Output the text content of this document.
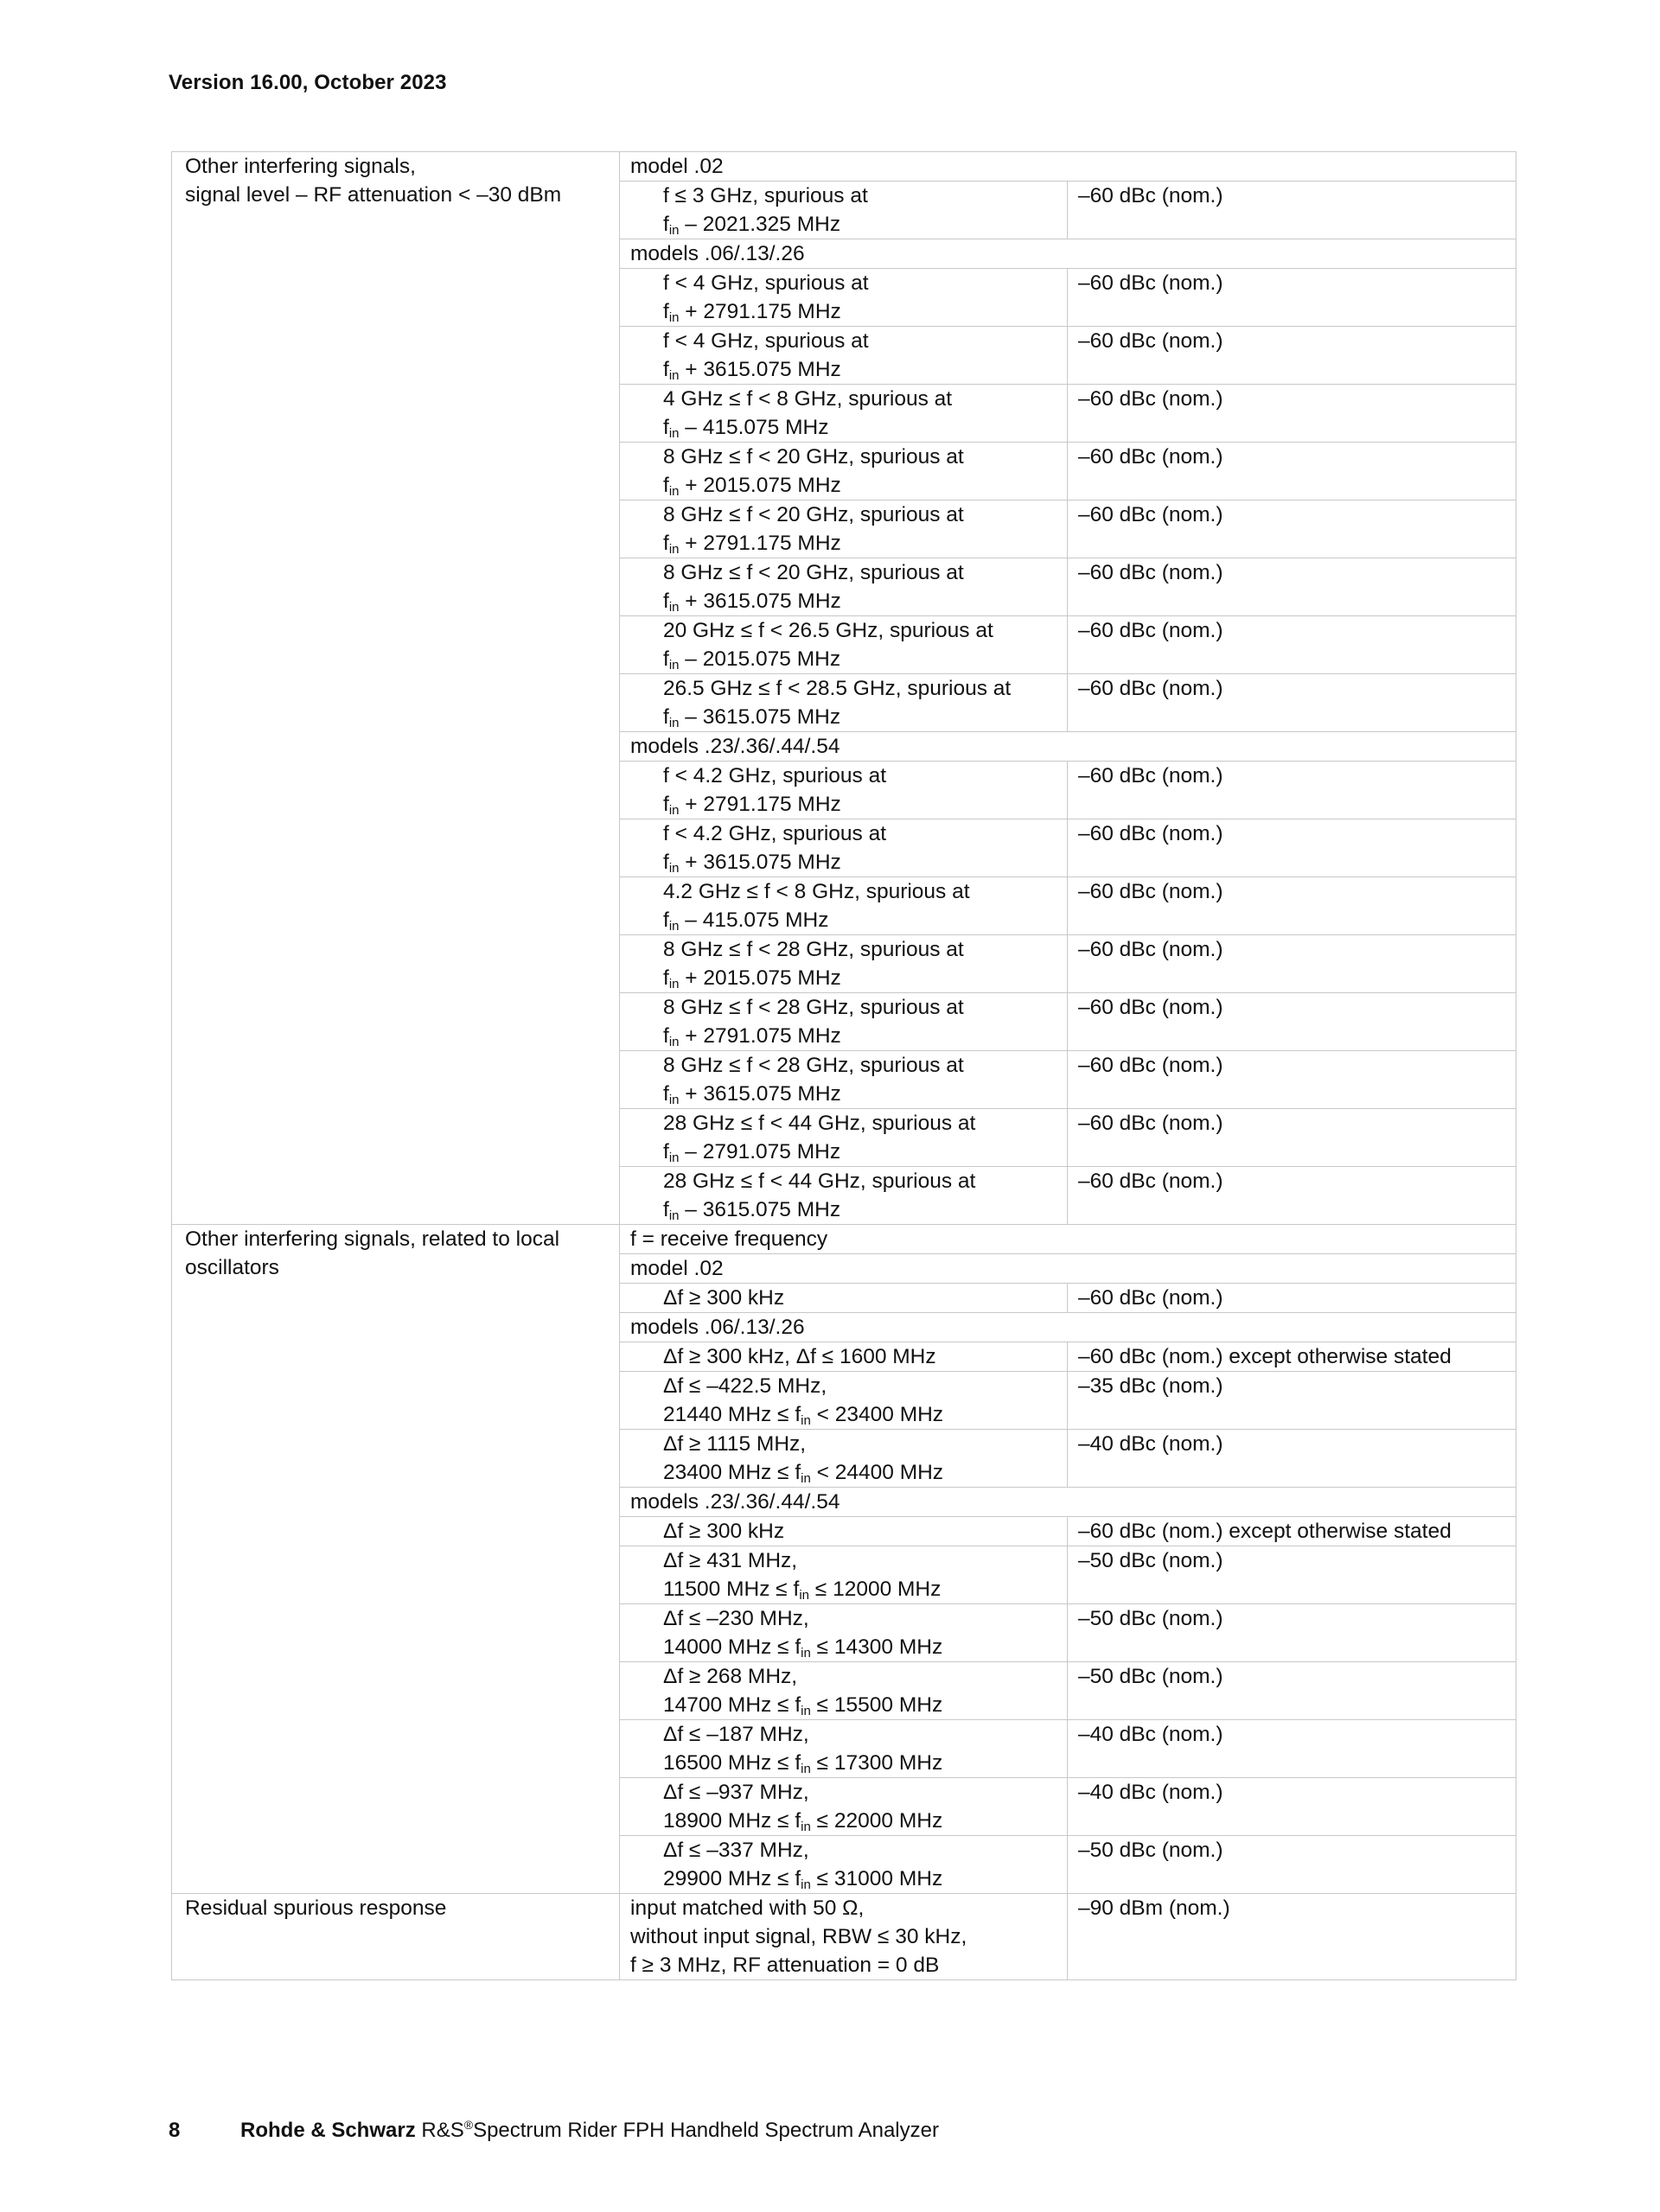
Version 16.00, October 2023
Other interfering signals,
signal level – RF attenuation < –30 dBm	model .02	

	f ≤ 3 GHz, spurious at
$f_{in} - 2021.325$ MHz	–60 dBc (nom.)
	models .06/.13/.26	

	f < 4 GHz, spurious at
$f_{in} + 2791.175$ MHz	–60 dBc (nom.)

	f < 4 GHz, spurious at
$f_{in} + 3615.075$ MHz	–60 dBc (nom.)

	4 GHz ≤ f < 8 GHz, spurious at
$f_{in} - 415.075$ MHz	–60 dBc (nom.)

	8 GHz ≤ f < 20 GHz, spurious at
$f_{in} + 2015.075$ MHz	–60 dBc (nom.)

	8 GHz ≤ f < 20 GHz, spurious at
$f_{in} + 2791.175$ MHz	–60 dBc (nom.)

	8 GHz ≤ f < 20 GHz, spurious at
$f_{in} + 3615.075$ MHz	–60 dBc (nom.)

	20 GHz ≤ f < 26.5 GHz, spurious at
$f_{in} - 2015.075$ MHz	–60 dBc (nom.)

	26.5 GHz ≤ f < 28.5 GHz, spurious at
$f_{in} - 3615.075$ MHz	–60 dBc (nom.)
	models .23/.36/.44/.54	

	f < 4.2 GHz, spurious at
$f_{in} + 2791.175$ MHz	–60 dBc (nom.)

	f < 4.2 GHz, spurious at
$f_{in} + 3615.075$ MHz	–60 dBc (nom.)

	4.2 GHz ≤ f < 8 GHz, spurious at
$f_{in} - 415.075$ MHz	–60 dBc (nom.)

	8 GHz ≤ f < 28 GHz, spurious at
$f_{in} + 2015.075$ MHz	–60 dBc (nom.)

	8 GHz ≤ f < 28 GHz, spurious at
$f_{in} + 2791.075$ MHz	–60 dBc (nom.)

	8 GHz ≤ f < 28 GHz, spurious at
$f_{in} + 3615.075$ MHz	–60 dBc (nom.)

	28 GHz ≤ f < 44 GHz, spurious at
$f_{in} - 2791.075$ MHz	–60 dBc (nom.)

	28 GHz ≤ f < 44 GHz, spurious at
$f_{in} - 3615.075$ MHz	–60 dBc (nom.)
Other interfering signals, related to local oscillators	f = receive frequency	
	model .02	
	Δf ≥ 300 kHz	–60 dBc (nom.)
	models .06/.13/.26	
	Δf ≥ 300 kHz, Δf ≤ 1600 MHz	–60 dBc (nom.) except otherwise stated

	Δf ≤ –422.5 MHz,
21440 MHz ≤ $f_{in} < 23400$ MHz	–35 dBc (nom.)

	Δf ≥ 1115 MHz,
23400 MHz ≤ $f_{in} < 24400$ MHz	–40 dBc (nom.)
	models .23/.36/.44/.54	
	Δf ≥ 300 kHz	–60 dBc (nom.) except otherwise stated

	Δf ≥ 431 MHz,
11500 MHz ≤ $f_{in} \le 12000$ MHz	–50 dBc (nom.)

	Δf ≤ –230 MHz,
14000 MHz ≤ $f_{in} \le 14300$ MHz	–50 dBc (nom.)

	Δf ≥ 268 MHz,
14700 MHz ≤ $f_{in} \le 15500$ MHz	–50 dBc (nom.)

	Δf ≤ –187 MHz,
16500 MHz ≤ $f_{in} \le 17300$ MHz	–40 dBc (nom.)

	Δf ≤ –937 MHz,
18900 MHz ≤ $f_{in} \le 22000$ MHz	–40 dBc (nom.)

	Δf ≤ –337 MHz,
29900 MHz ≤ $f_{in} \le 31000$ MHz	–50 dBc (nom.)
Residual spurious response	input matched with 50 Ω,
without input signal, RBW ≤ 30 kHz,
f ≥ 3 MHz, RF attenuation = 0 dB	–90 dBm (nom.)
8	Rohde & Schwarz R&S®Spectrum Rider FPH Handheld Spectrum Analyzer
